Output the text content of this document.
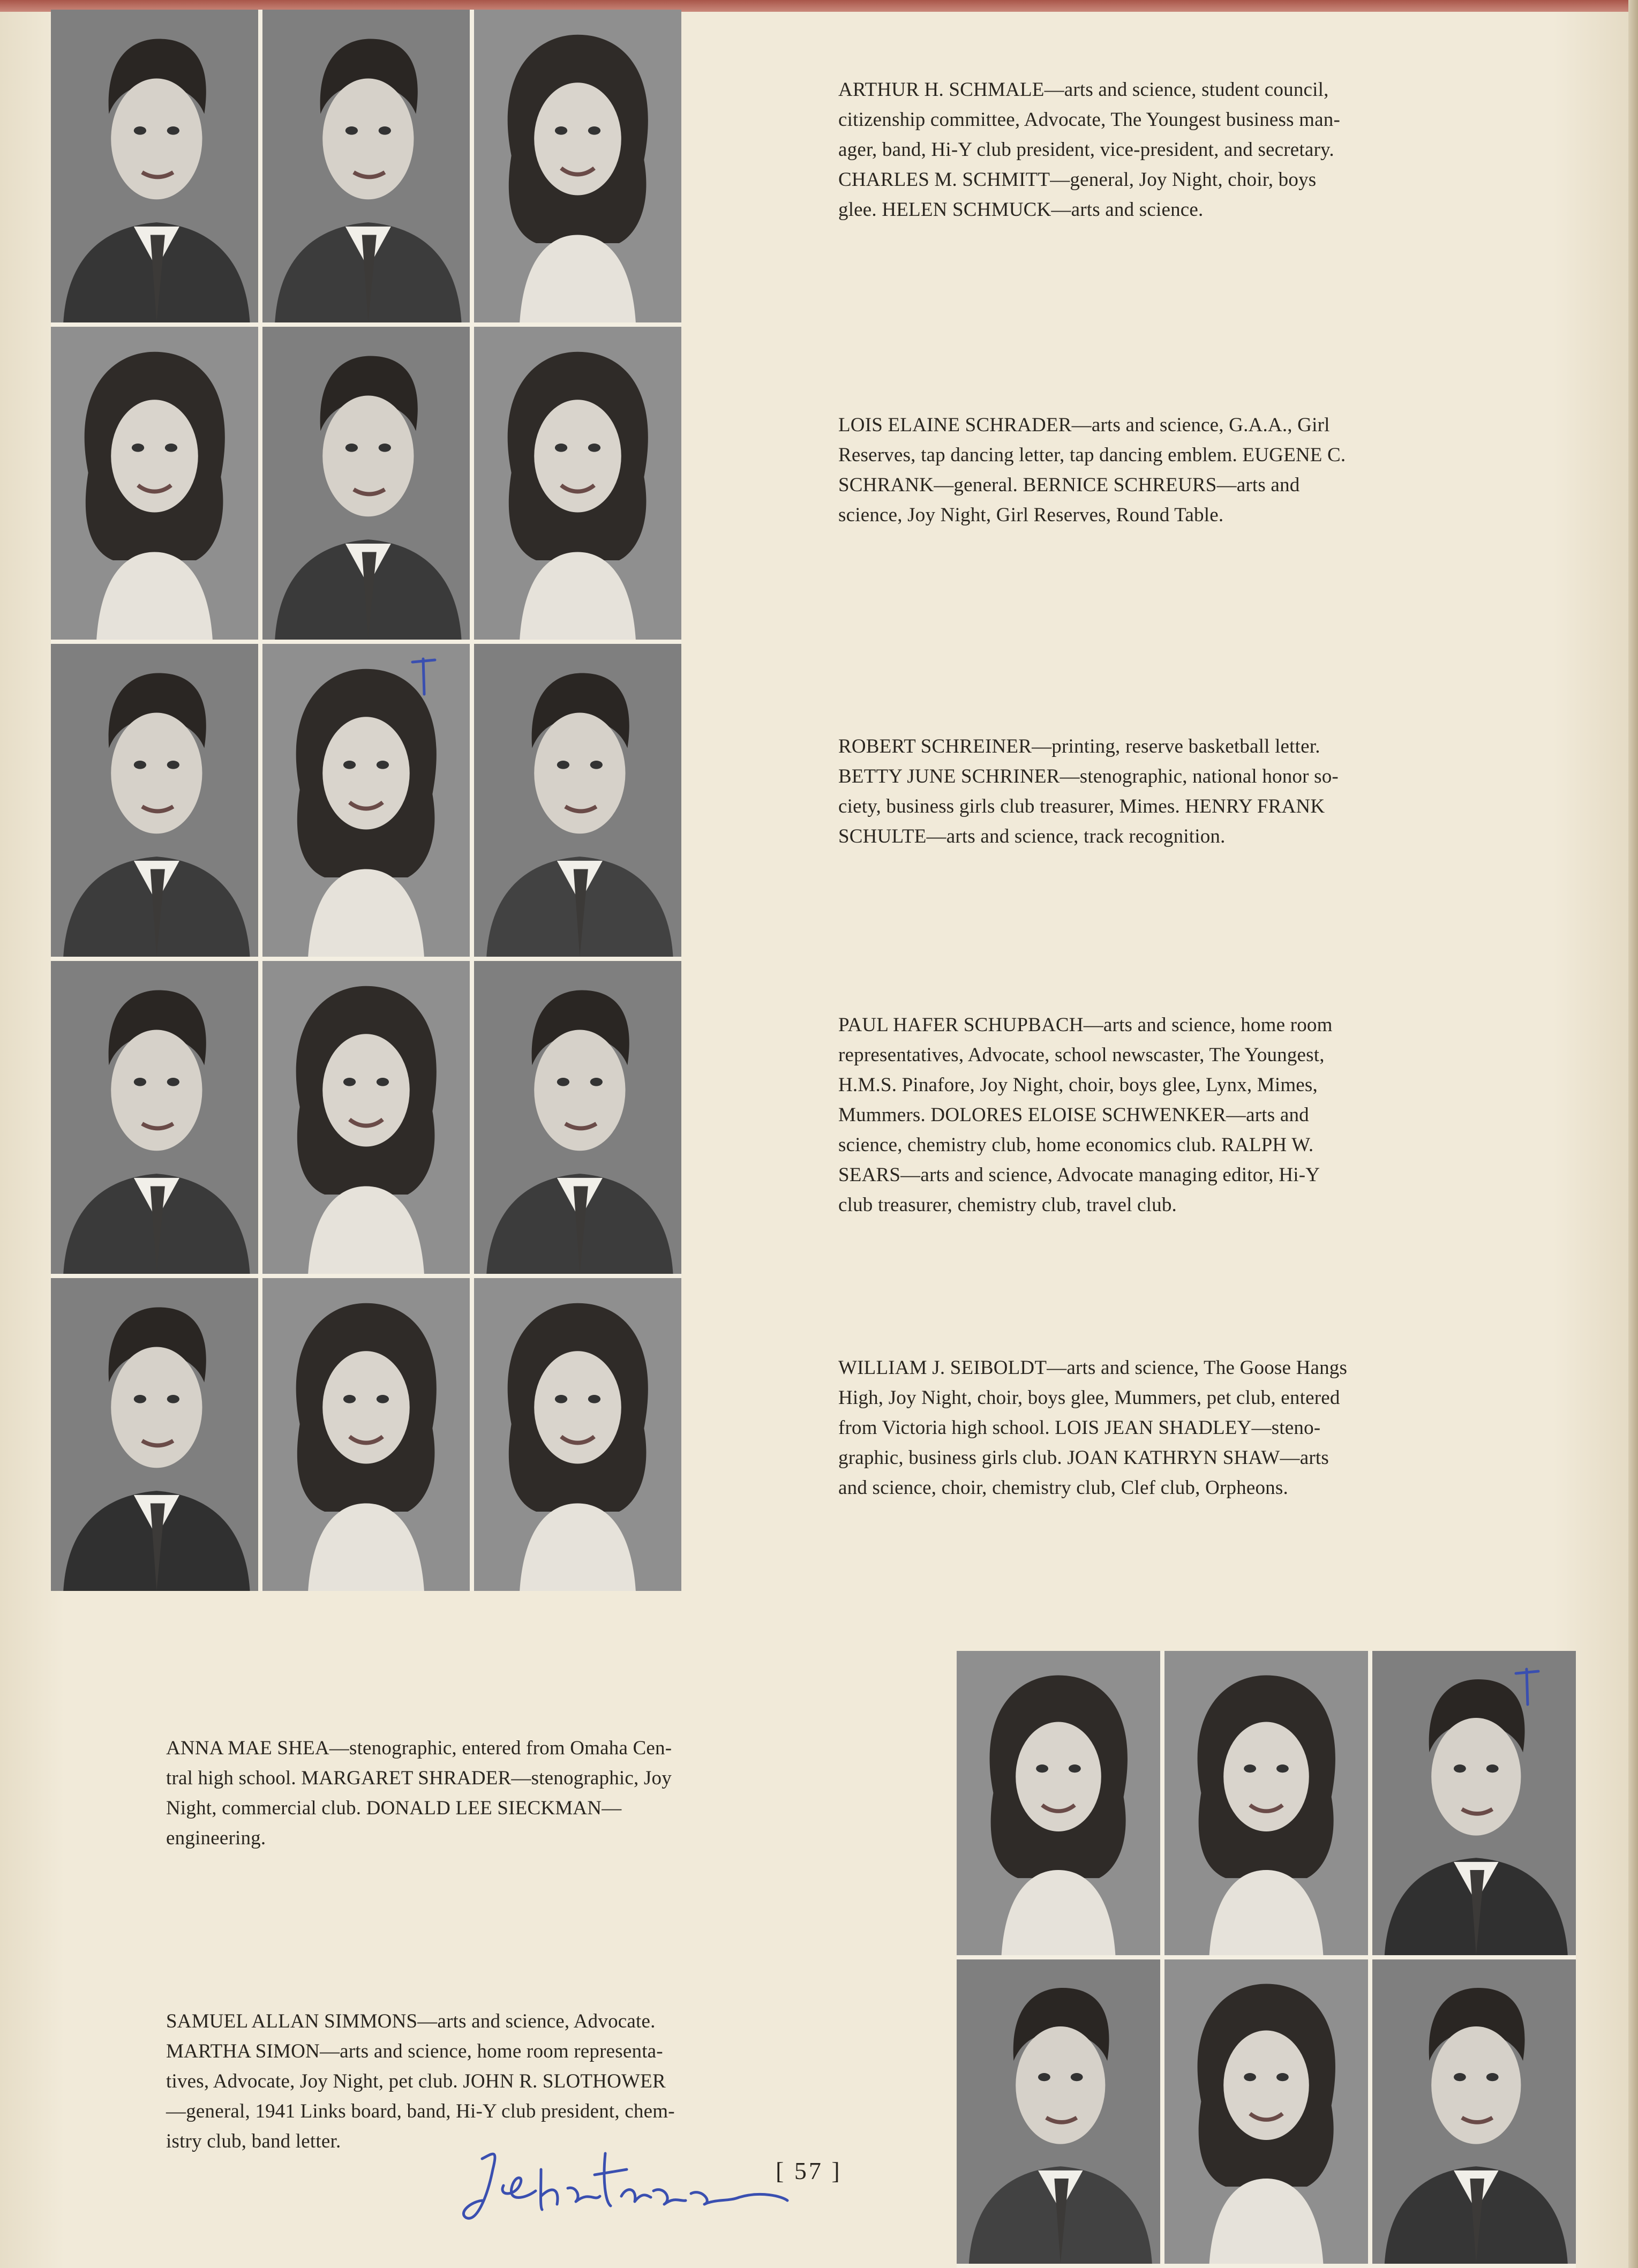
ARTHUR H. SCHMALE—arts and science, student council,
citizenship committee, Advocate, The Youngest business man-
ager, band, Hi-Y club president, vice-president, and secretary.
CHARLES M. SCHMITT—general, Joy Night, choir, boys
glee. HELEN SCHMUCK—arts and science.
LOIS ELAINE SCHRADER—arts and science, G.A.A., Girl
Reserves, tap dancing letter, tap dancing emblem. EUGENE C.
SCHRANK—general. BERNICE SCHREURS—arts and
science, Joy Night, Girl Reserves, Round Table.
ROBERT SCHREINER—printing, reserve basketball letter.
BETTY JUNE SCHRINER—stenographic, national honor so-
ciety, business girls club treasurer, Mimes. HENRY FRANK
SCHULTE—arts and science, track recognition.
PAUL HAFER SCHUPBACH—arts and science, home room
representatives, Advocate, school newscaster, The Youngest,
H.M.S. Pinafore, Joy Night, choir, boys glee, Lynx, Mimes,
Mummers. DOLORES ELOISE SCHWENKER—arts and
science, chemistry club, home economics club. RALPH W.
SEARS—arts and science, Advocate managing editor, Hi-Y
club treasurer, chemistry club, travel club.
WILLIAM J. SEIBOLDT—arts and science, The Goose Hangs
High, Joy Night, choir, boys glee, Mummers, pet club, entered
from Victoria high school. LOIS JEAN SHADLEY—steno-
graphic, business girls club. JOAN KATHRYN SHAW—arts
and science, choir, chemistry club, Clef club, Orpheons.
ANNA MAE SHEA—stenographic, entered from Omaha Cen-
tral high school. MARGARET SHRADER—stenographic, Joy
Night, commercial club. DONALD LEE SIECKMAN—
engineering.
SAMUEL ALLAN SIMMONS—arts and science, Advocate.
MARTHA SIMON—arts and science, home room representa-
tives, Advocate, Joy Night, pet club. JOHN R. SLOTHOWER
—general, 1941 Links board, band, Hi-Y club president, chem-
istry club, band letter.
[ 57 ]
